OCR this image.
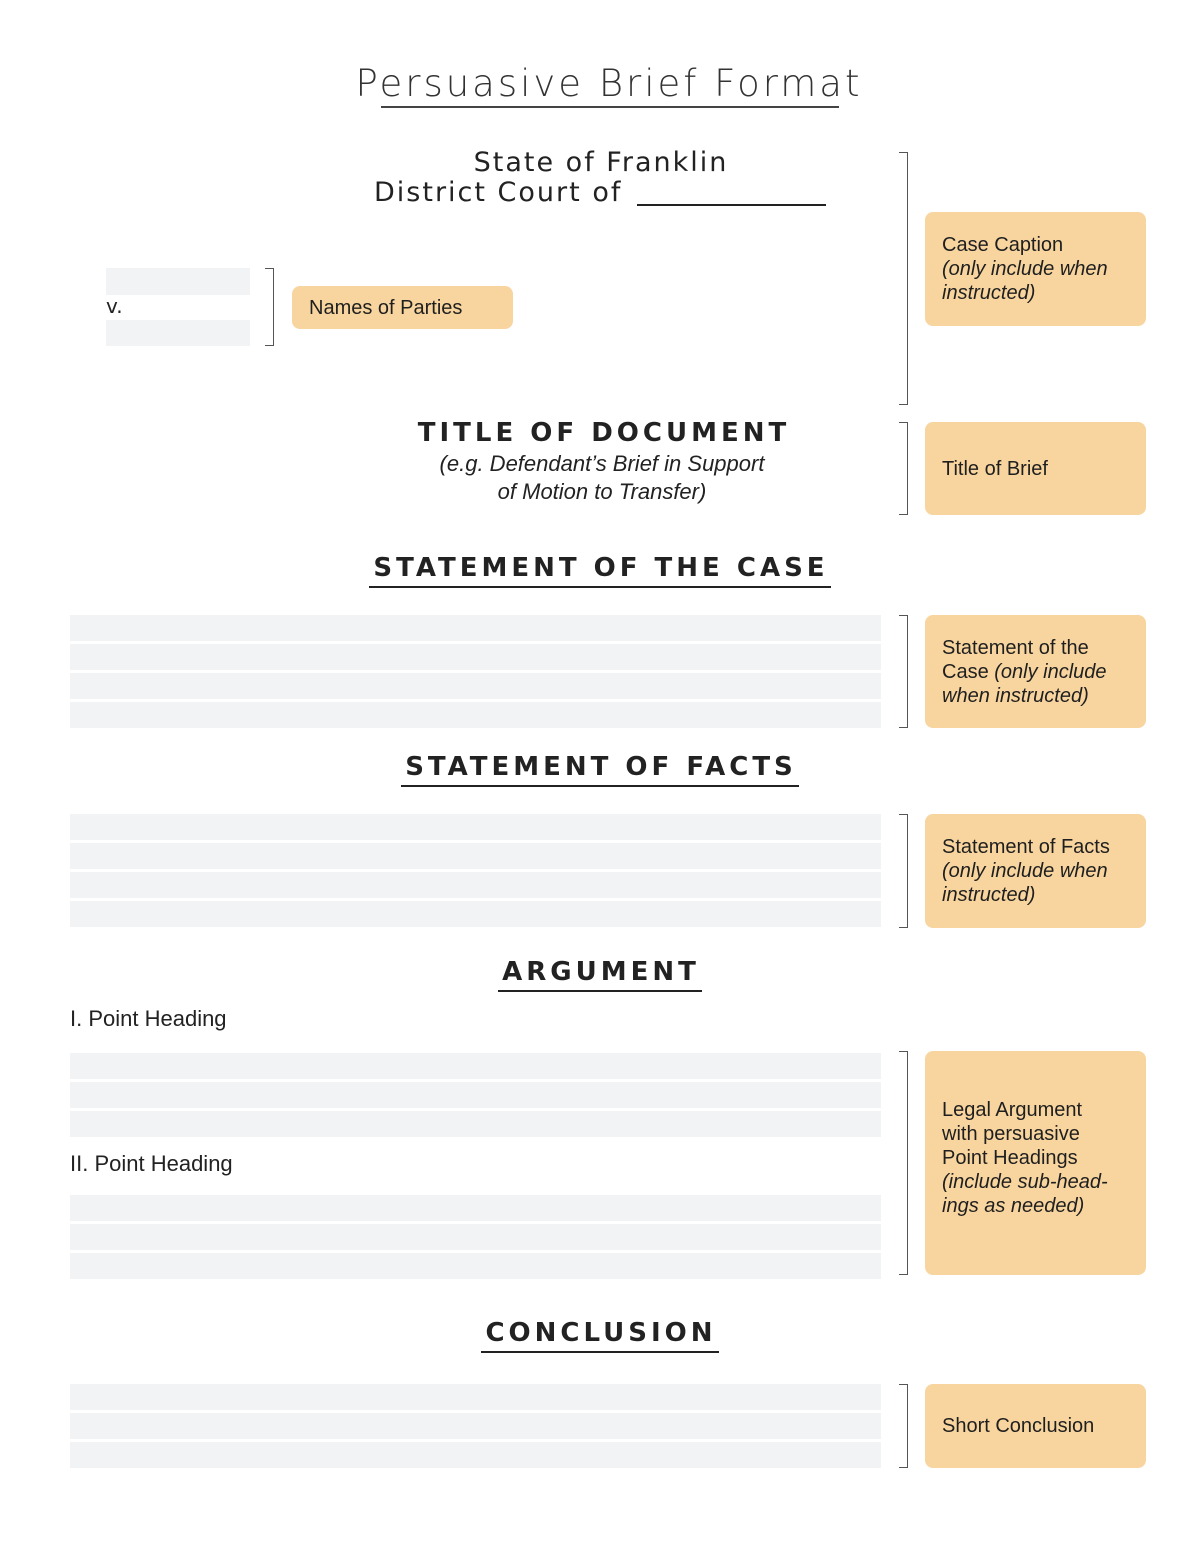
Persuasive Brief Format
State of Franklin
District Court of
v.	Names of Parties
Case Caption
(only include when
instructed)
TITLE OF DOCUMENT
(e.g. Defendant’s Brief in Support
of Motion to Transfer)
Title of Brief
STATEMENT OF THE CASE
Statement of the
Case (only include
when instructed)
STATEMENT OF FACTS
Statement of Facts
(only include when
instructed)
ARGUMENT
I. Point Heading
II. Point Heading
Legal Argument
with persuasive
Point Headings
(include sub-head-
ings as needed)
CONCLUSION
Short Conclusion
